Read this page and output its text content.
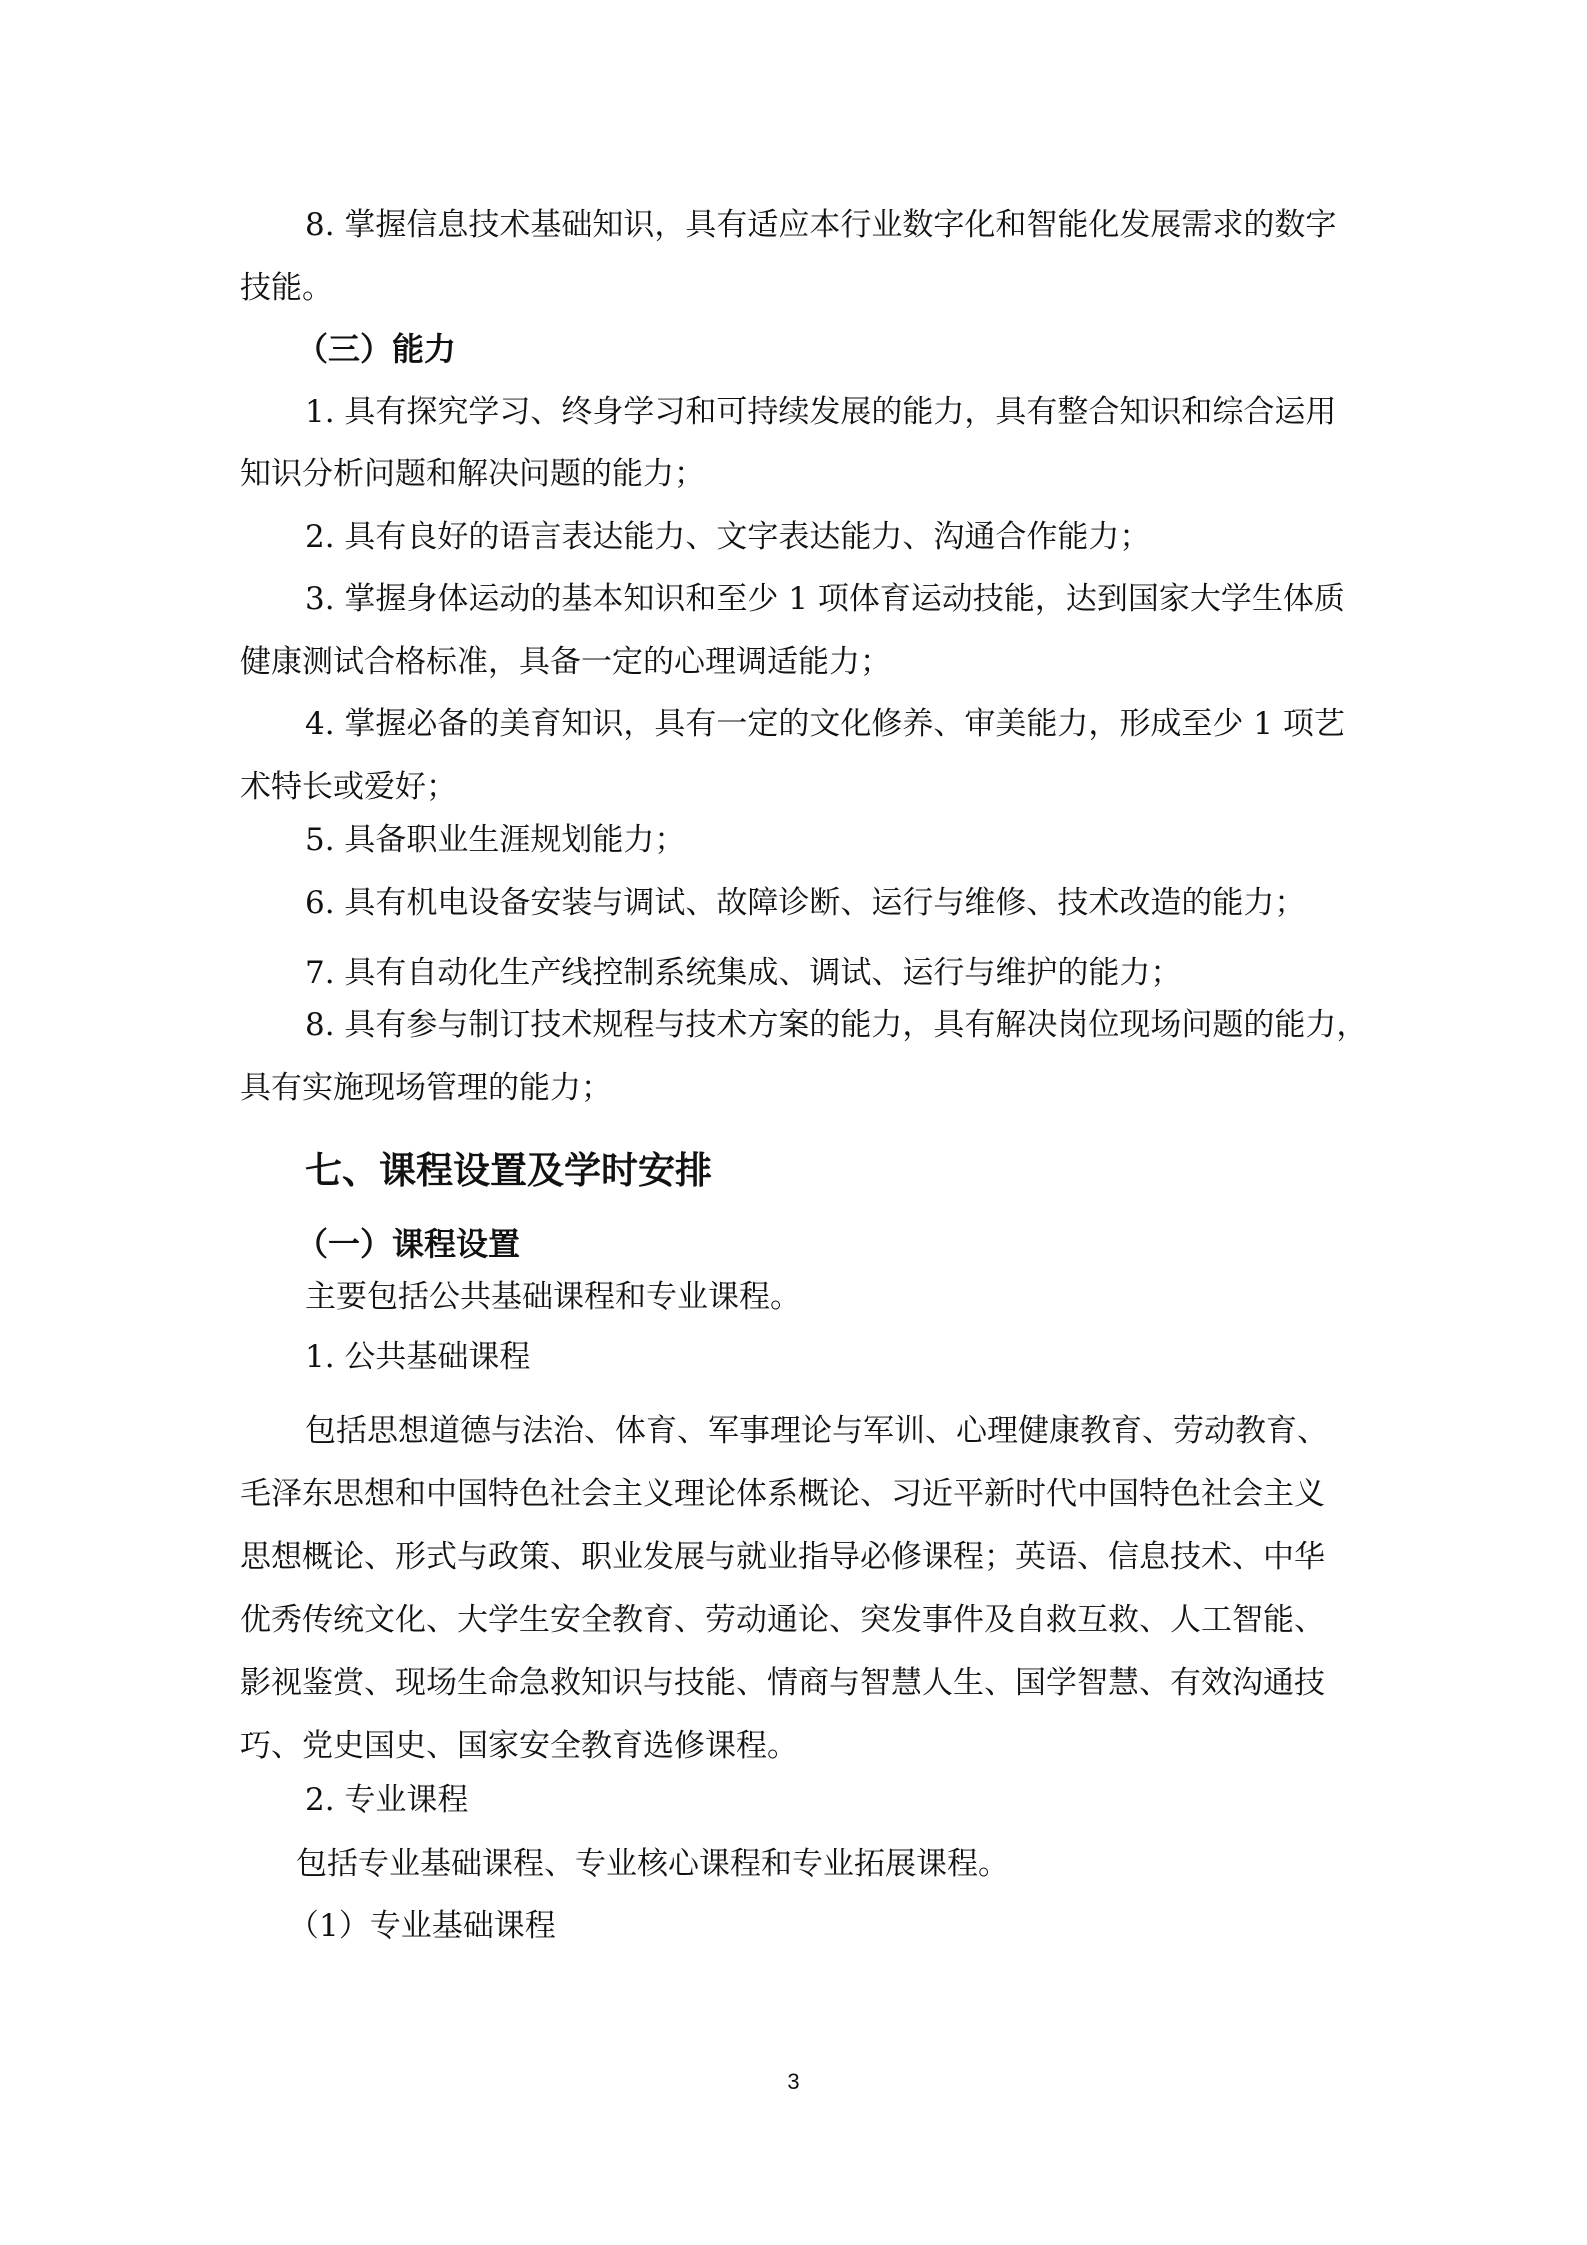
8. 掌握信息技术基础知识，具有适应本行业数字化和智能化发展需求的数字

技能。

（三）能力

1. 具有探究学习、终身学习和可持续发展的能力，具有整合知识和综合运用

知识分析问题和解决问题的能力；

2. 具有良好的语言表达能力、文字表达能力、沟通合作能力；

3. 掌握身体运动的基本知识和至少 1 项体育运动技能，达到国家大学生体质

健康测试合格标准，具备一定的心理调适能力；

4. 掌握必备的美育知识，具有一定的文化修养、审美能力，形成至少 1 项艺

术特长或爱好；

5. 具备职业生涯规划能力；

6. 具有机电设备安装与调试、故障诊断、运行与维修、技术改造的能力；

7. 具有自动化生产线控制系统集成、调试、运行与维护的能力；

8. 具有参与制订技术规程与技术方案的能力，具有解决岗位现场问题的能力，

具有实施现场管理的能力；

七、课程设置及学时安排

（一）课程设置

主要包括公共基础课程和专业课程。

1. 公共基础课程

包括思想道德与法治、体育、军事理论与军训、心理健康教育、劳动教育、

毛泽东思想和中国特色社会主义理论体系概论、习近平新时代中国特色社会主义

思想概论、形式与政策、职业发展与就业指导必修课程；英语、信息技术、中华

优秀传统文化、大学生安全教育、劳动通论、突发事件及自救互救、人工智能、

影视鉴赏、现场生命急救知识与技能、情商与智慧人生、国学智慧、有效沟通技

巧、党史国史、国家安全教育选修课程。

2. 专业课程

包括专业基础课程、专业核心课程和专业拓展课程。

（1）专业基础课程

3
